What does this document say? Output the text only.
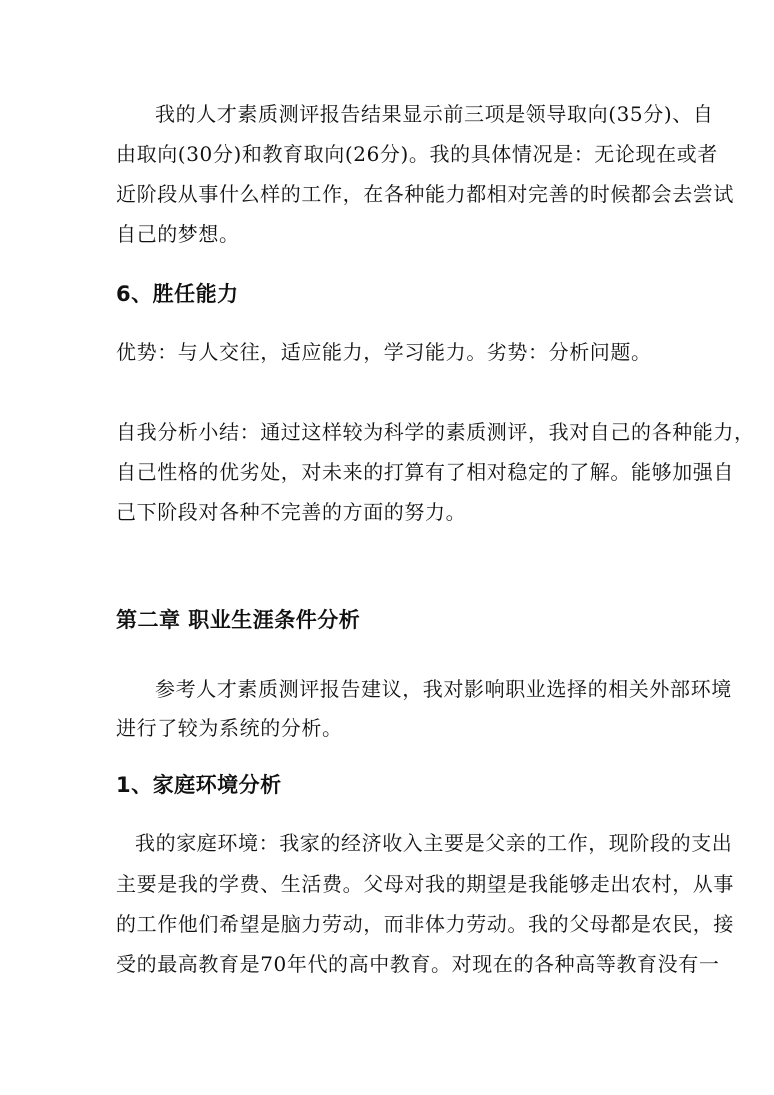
我的人才素质测评报告结果显示前三项是领导取向(35分)、自
由取向(30分)和教育取向(26分)。我的具体情况是：无论现在或者
近阶段从事什么样的工作，在各种能力都相对完善的时候都会去尝试
自己的梦想。
6、胜任能力
优势：与人交往，适应能力，学习能力。劣势：分析问题。
自我分析小结：通过这样较为科学的素质测评，我对自己的各种能力，
自己性格的优劣处，对未来的打算有了相对稳定的了解。能够加强自
己下阶段对各种不完善的方面的努力。
第二章 职业生涯条件分析
参考人才素质测评报告建议，我对影响职业选择的相关外部环境
进行了较为系统的分析。
1、家庭环境分析
我的家庭环境：我家的经济收入主要是父亲的工作，现阶段的支出
主要是我的学费、生活费。父母对我的期望是我能够走出农村，从事
的工作他们希望是脑力劳动，而非体力劳动。我的父母都是农民，接
受的最高教育是70年代的高中教育。对现在的各种高等教育没有一
